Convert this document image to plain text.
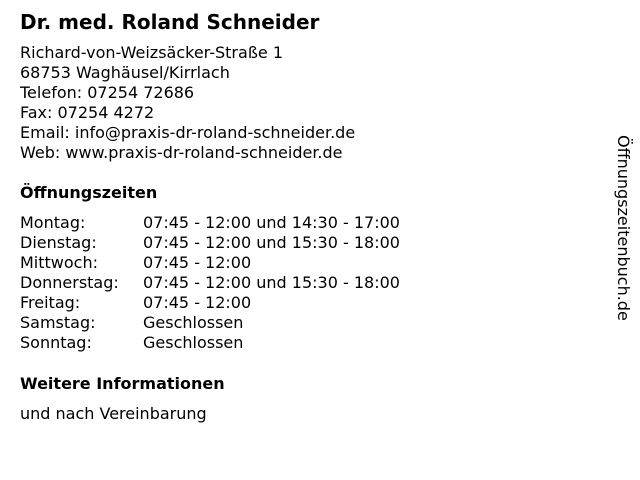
Dr. med. Roland Schneider
Richard-von-Weizsäcker-Straße 1
68753 Waghäusel/Kirrlach
Telefon: 07254 72686
Fax: 07254 4272
Email: info@praxis-dr-roland-schneider.de
Web: www.praxis-dr-roland-schneider.de
Öffnungszeiten
Montag:	07:45 - 12:00 und 14:30 - 17:00
Dienstag:	07:45 - 12:00 und 15:30 - 18:00
Mittwoch:	07:45 - 12:00
Donnerstag: 07:45 - 12:00 und 15:30 - 18:00
Freitag:	07:45 - 12:00
Samstag:	Geschlossen
Sonntag:	Geschlossen
Weitere Informationen
und nach Vereinbarung
Öffnungszeitenbuch.de
